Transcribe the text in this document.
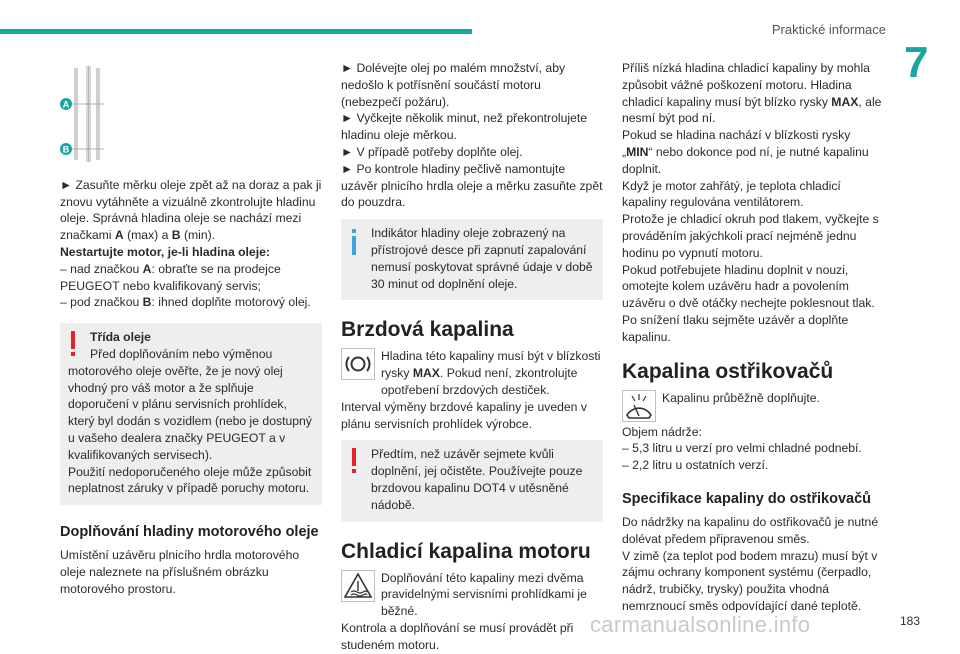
Praktické informace
7
A
B

► Zasuňte měrku oleje zpět až na doraz a pak ji znovu vytáhněte a vizuálně zkontrolujte hladinu oleje. Správná hladina oleje se nachází mezi značkami A (max) a B (min).

Nestartujte motor, je-li hladina oleje:

– nad značkou A: obraťte se na prodejce PEUGEOT nebo kvalifikovaný servis;

– pod značkou B: ihned doplňte motorový olej.

Třída oleje

Před doplňováním nebo výměnou motorového oleje ověřte, že je nový olej vhodný pro váš motor a že splňuje doporučení v plánu servisních prohlídek, který byl dodán s vozidlem (nebo je dostupný u vašeho dealera značky PEUGEOT a v kvalifikovaných servisech).

Použití nedoporučeného oleje může způsobit neplatnost záruky v případě poruchy motoru.

Doplňování hladiny motorového oleje

Umístění uzávěru plnicího hrdla motorového oleje naleznete na příslušném obrázku motorového prostoru.

► Dolévejte olej po malém množství, aby nedošlo k potřísnění součástí motoru (nebezpečí požáru).

► Vyčkejte několik minut, než překontrolujete hladinu oleje měrkou.

► V případě potřeby doplňte olej.

► Po kontrole hladiny pečlivě namontujte uzávěr plnicího hrdla oleje a měrku zasuňte zpět do pouzdra.

Indikátor hladiny oleje zobrazený na přístrojové desce při zapnutí zapalování nemusí poskytovat správné údaje v době 30 minut od doplnění oleje.

Brzdová kapalina

Hladina této kapaliny musí být v blízkosti rysky MAX. Pokud není, zkontrolujte opotřebení brzdových destiček.

Interval výměny brzdové kapaliny je uveden v plánu servisních prohlídek výrobce.

Předtím, než uzávěr sejmete kvůli doplnění, jej očistěte. Používejte pouze brzdovou kapalinu DOT4 v utěsněné nádobě.

Chladicí kapalina motoru

Doplňování této kapaliny mezi dvěma pravidelnými servisními prohlídkami je běžné.

Kontrola a doplňování se musí provádět při studeném motoru.

Příliš nízká hladina chladicí kapaliny by mohla způsobit vážné poškození motoru. Hladina chladicí kapaliny musí být blízko rysky MAX, ale nesmí být pod ní.

Pokud se hladina nachází v blízkosti rysky „MIN“ nebo dokonce pod ní, je nutné kapalinu doplnit.

Když je motor zahřátý, je teplota chladicí kapaliny regulována ventilátorem.

Protože je chladicí okruh pod tlakem, vyčkejte s prováděním jakýchkoli prací nejméně jednu hodinu po vypnutí motoru.

Pokud potřebujete hladinu doplnit v nouzi, omotejte kolem uzávěru hadr a povolením uzávěru o dvě otáčky nechejte poklesnout tlak.

Po snížení tlaku sejměte uzávěr a doplňte kapalinu.

Kapalina ostřikovačů

Kapalinu průběžně doplňujte.

Objem nádrže:

– 5,3 litru u verzí pro velmi chladné podnebí.

– 2,2 litru u ostatních verzí.

Specifikace kapaliny do ostřikovačů

Do nádržky na kapalinu do ostřikovačů je nutné dolévat předem připravenou směs.

V zimě (za teplot pod bodem mrazu) musí být v zájmu ochrany komponent systému (čerpadlo, nádrž, trubičky, trysky) použita vhodná nemrznoucí směs odpovídající dané teplotě.

carmanualsonline.info	183
